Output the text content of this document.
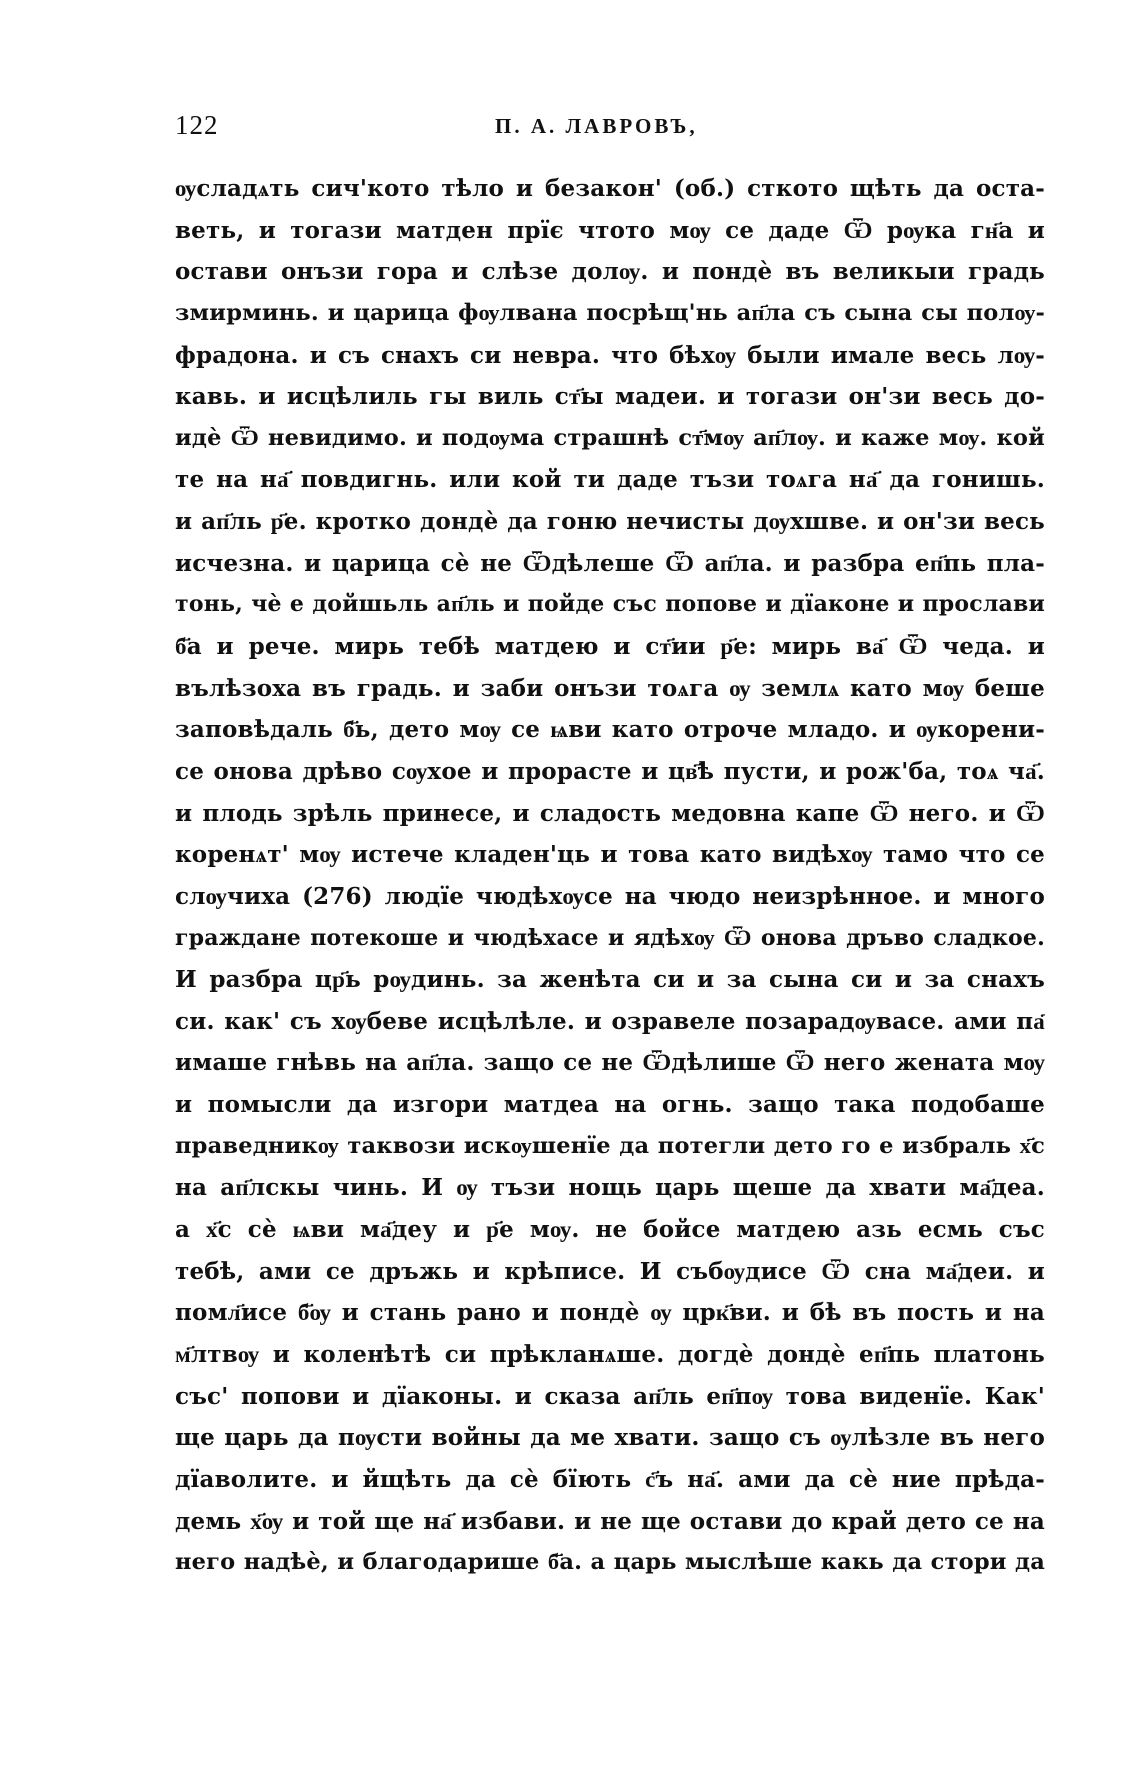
122	П. А. ЛАВРОВЪ,
ѹсладѧть сич'кото тѣло и безакон' (об.) сткото щѣть да оста-
веть, и тогази матден прїє чтото мѹ се даде Ѿ рѹка гн҃а и
остави онъзи гора и слѣзе долѹ. и пондѐ въ великыи градь
змирминь. и царица фѹлвана посрѣщ'нь ап҃ла съ сына сы полѹ-
фрадона. и съ снахъ си невра. что бѣхѹ были имале весь лѹ-
кавь. и исцѣлиль гы виль ст҃ы мадеи. и тогази он'зи весь до-
идѐ Ѿ невидимо. и подѹма страшнѣ ст҃мѹ ап҃лѹ. и каже мѹ. кой
те на на҃ повдигнь. или кой ти даде тъзи тоѧга на҃ да гонишь.
и ап҃ль р҃е. кротко дондѐ да гоню нечисты дѹхшве. и он'зи весь
исчезна. и царица сѐ не Ѿдѣлеше Ѿ ап҃ла. и разбра еп҃пь пла-
тонь, чѐ е дойшьль ап҃ль и пойде със попове и дїаконе и прослави
б҃а и рече. мирь тебѣ матдею и ст҃ии р҃е: мирь ва҃ Ѿ чеда. и
вълѣзоха въ градь. и заби онъзи тоѧга ѹ землѧ като мѹ беше
заповѣдаль б҃ь, дето мѹ се ѩви като отроче младо. и ѹкорени-
се онова дрѣво сѹхое и прорасте и цв҃ѣ пусти, и рож'ба, тоѧ ча҃.
и плодь зрѣль принесе, и сладость медовна капе Ѿ него. и Ѿ
коренѧт' мѹ истече кладен'ць и това като видѣхѹ тамо что се
слѹчиха (276) людїе чюдѣхѹсе на чюдо неизрѣнное. и много
граждане потекоше и чюдѣхасе и ядѣхѹ Ѿ онова дръво сладкое.
И разбра цр҃ь рѹдинь. за женѣта си и за сына си и за снахъ
си. как' съ хѹбеве исцѣлѣле. и озравеле позарадѹвасе. ами па҃
имаше гнѣвь на ап҃ла. защо се не Ѿдѣлише Ѿ него жената мѹ
и помысли да изгори матдеа на огнь. защо така подобаше
праведникѹ таквози искѹшенїе да потегли дето го е избраль х҃с
на ап҃лскы чинь. И ѹ тъзи нощь царь щеше да хвати ма҃деа.
а х҃с сѐ ѩви ма҃деу и р҃е мѹ. не бойсе матдею азь есмь със
тебѣ, ами се дръжь и крѣписе. И събѹдисе Ѿ сна ма҃деи. и
помл҃исе б҃ѹ и стань рано и пондѐ ѹ црк҃ви. и бѣ въ пость и на
м҃лтвѹ и коленѣтѣ си прѣкланѧше. догдѐ дондѐ еп҃пь платонь
със' попови и дїаконы. и сказа ап҃ль еп҃пѹ това виденїе. Как'
ще царь да пѹсти войны да ме хвати. защо съ ѹлѣзле въ него
дїаволите. и йщѣть да сѐ бїють с҃ъ на҃. ами да сѐ ние прѣда-
демь х҃ѹ и той ще на҃ избави. и не ще остави до край дето се на
него надѣѐ, и благодарише б҃а. а царь мыслѣше какь да стори да
